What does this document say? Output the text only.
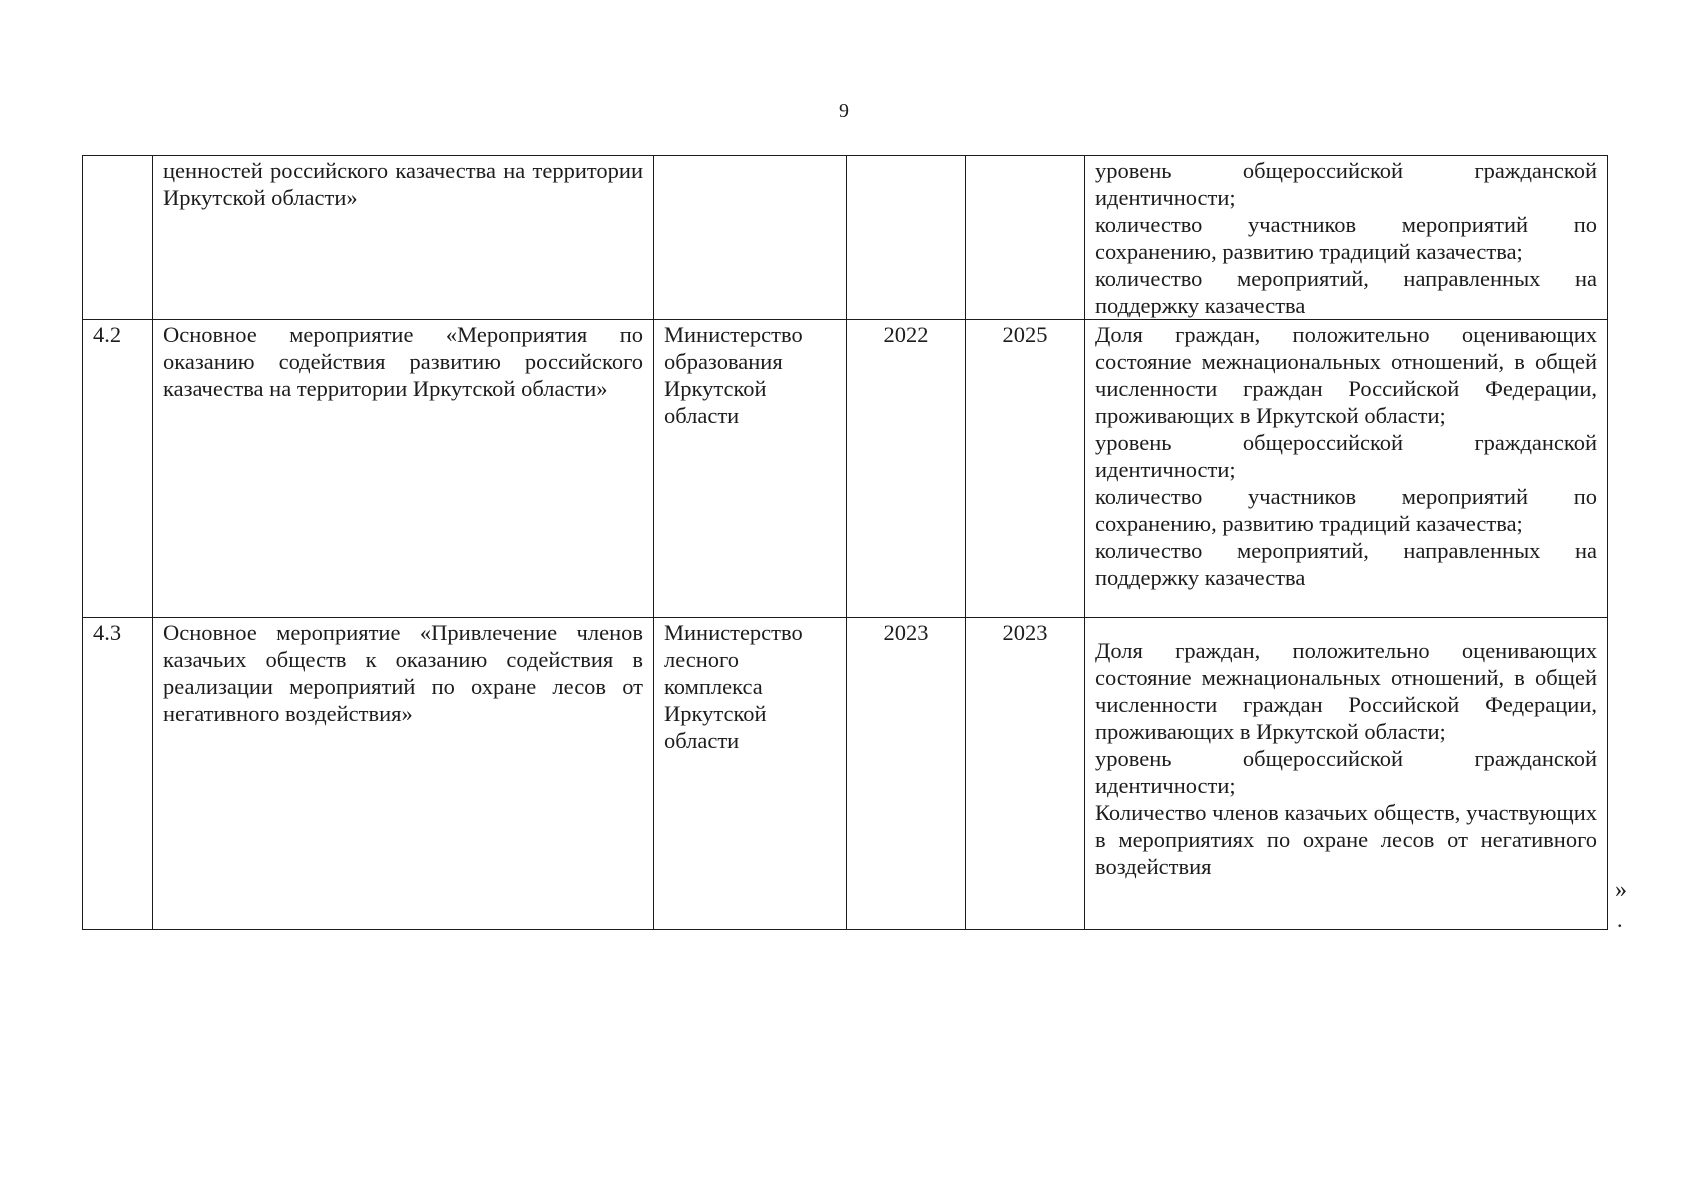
9
	ценностей российского казачества на территории Иркутской области»				уровень общероссийской гражданской идентичности;
количество участников мероприятий по сохранению, развитию традиций казачества;
количество мероприятий, направленных на поддержку казачества

4.2	Основное мероприятие «Мероприятия по оказанию содействия развитию российского казачества на территории Иркутской области»	Министерство образования Иркутской области	2022	2025	Доля граждан, положительно оценивающих состояние межнациональных отношений, в общей численности граждан Российской Федерации, проживающих в Иркутской области;
уровень общероссийской гражданской идентичности;
количество участников мероприятий по сохранению, развитию традиций казачества;
количество мероприятий, направленных на поддержку казачества

4.3	Основное мероприятие «Привлечение членов казачьих обществ к оказанию содействия в реализации мероприятий по охране лесов от негативного воздействия»	Министерство лесного комплекса Иркутской области	2023	2023	Доля граждан, положительно оценивающих состояние межнациональных отношений, в общей численности граждан Российской Федерации, проживающих в Иркутской области;
уровень общероссийской гражданской идентичности;
Количество членов казачьих обществ, участвующих в мероприятиях по охране лесов от негативного воздействия
»
.
